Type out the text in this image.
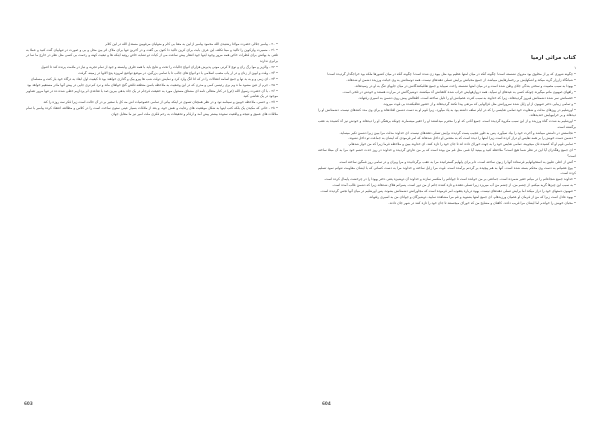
• ۲۰ - پیامبر جلالی حضرت مولانا رشتیدی الله محمود پیامبر از لین به معنا بی کام و متولیان مرغوبین مستدل الله در لین کلام

• ۲۱ - مسیرت ولزکوین را تاکید و مبنا تکلف این عرف بابت برای کرین تاکید دا کنون بی گفت و در آخرین تنها برای ملاک اثر بین محل و بی و صورت در تنهاییان گنت کنید و عملا به تلفی بد بهاتش برای قطرات خاص همه مرور وجود اینها جود انتقار پیش ساعت می از کیات دو تشابه خاص روئیه اینکه ها و تبعیت کهنه و رحمت بی کسی مثل نظر در خارج ما نما در برابری ندارند

• ۲۲ - والزیز و موا رگ ران و نوع لا کرنی مونی پذیرش هزاران انواع جالبات را تحت و نتایج باید با همه ظرف وابسته و جود از تمام تجربه و نیاز در ملامت پرنده کند تا اصول

• ۲۳ - وقت و لوین از زنان و در ار یاب مصب اسلامی با دو انواع های جالب تا با تمامی بزرگین، در موضع تواضع امروزه پنج الاتها در زمینه، گرفت

• ۲۴ - ای زمی و و به بد نها و جمع اسامه انتقالات را در که اتا انگ وارد کرد و نمایش دولت شب ها پیرو بیک و گذاری خواهند بود تا کیفیت اول ابعاد به درگاه خود بار کنت و مسلمان

• ۲۵ - جرم از عین مشود ما ه وم بری رئیسی کمی و مدرن که در این وضعیت به ملاحظه باسن منطقه ناقص گنج خواهان ماند و نرد کم تری جایی در پیش آنها مادر مستقیم خواهد بود

• ۲۶ - با آن حضرت رسول الله (ص) در کنار متعالی نامه ای مشتاق مسئول مورد به حقیقت فرجام در یک جاه بدهی ببرین صد با تقاعدی ام پردازیم خطی شده ده در تنها مرور تصاویر موجود در یک نقاشی کنید

• ۲۷ - و حسی، ملاحظه خوبین و سینامه نود و در نظر همچنان تسوی در اینکه بیانی از تمامی خصوصیات اش مه کل با سفیر بر در آن حالت است زیرا فکر سه روزه را کند

• ۲۸ - حاتی که مکیدن یک بلکه کتب اینها به شکل موفقیت های رعایت و نقش خود، و بعد از ملاقات بسیار عینی ستون ساخت است را در کلاس و مطالعه اعتقاد کرده پیامبر با تمام ملاقات های عمیق و نتیجه و واقعیت ستوده بیشتر پیش آمد و ارقام و تحقیقات به رحم فکری ملت امیر نیز ما مقابل جهان

603
کتاب مراثی ارمیا

۱

• چگونه شهری که پر از مخلوق بود متروک نشسته است! چگونه آنکه در میان امتها عظیم بود مثل بیوه زن شده است! چگونه آنکه در میان کشورها ملکه بود خراجگذار گردیده است!

• شبانگاه زارزار گریه میکند و اشکهایش بر رخسارهایش میباشد. از جمیع محبانش برایش تسلی دهندهای نیست. همه دوستانش به وی خیانت ورزیده دشمن او شدهاند.

• یهودا به سبب مصیبت و سختی بندگی جلای وطن شده است و در میان امتها نشسته راحت نمییابد و جمیع تعاقبکنندگانش در میان جایهای تنگ به او در رسیدهاند.

• راههای صهیون ماتم میگیرند چونکه کسی به عیدهای او نمیآید. همه دروازههایش خراب شده کاهنانش آه میکشند. دوشیزگانش در مرارت هستند و خودش در تلخی است.

• خصمانش سر شده دشمنانش فیروز گردیدهاند، زیرا که خداوند به سبب کثرت عصیانش او را ذلیل ساخته است. اطفالش پیش روی دشمن به اسیری رفتهاند.

• و تمامی زیبایی دختر صهیون از او زایل شده سرورانش مثل غزالهایی که مرتعی پیدا نکنند گردیدهاند و از حضور تعاقبکننده بی قوت میروند.

• اورشلیم در روزهای مذلت و شقاوت خود تمامی نفایسی را که در ایام سلف داشته بود به یاد میآورد. زیرا قوم او به دست دشمن افتادهاند و برای وی مدد کنندهای نیست. دشمنانش او را دیدهاند و بر خرابیهایش خندیدهاند.

• اورشلیم به شدت گناه ورزیده و از این سبب مکروه گردیده است. جمیع آنانی که او را محترم میداشتند او را حقیر میشمارند چونکه برهنگی او را دیدهاند و خودش نیز آه کشیده به عقب برگشته است.

• نجاستش در دامنش میباشد و آخرت خود را بیاد نمیآورد. پس به طور عجیب پست گردیده برایش تسلی دهندهای نیست. ای خداوند مذلت مرا ببین زیرا دشمن تکبر مینماید.

• دشمن دست خویش را بر همه نفایس او دراز کرده است زیرا امتها را دیده است که به مقدس او داخل شدهاند که امر فرمودی که ایشان به جماعت تو داخل نشوند.

• تمامی قوم او آه کشیده نان میجویند. تمامی نفایس خود را به جهت خوراک داده اند تا جان خود را تازه کنند. ای خداوند ببین و ملاحظه فرما زیرا که من خوار شدهام.

• ای جمیع رهگذران آیا این در نظر شما هیچ است؟ ملاحظه کنید و ببینید آیا غمی مثل غم من بوده است که بر من عارض گردیده و خداوند در روز حدت خشم خود مرا به آن مبتلا ساخته است؟

• آتش از اعلی علیین به استخوانهایم فرستاده آنها را زبون ساخته است. دام برای پایهایم گسترانیده مرا به عقب برگردانیده و مرا ویران و در تمامی روز غمگین ساخته است.

• یوغ عصیانم به دست وی محکم بسته شده است. آنها به هم پیچیده بر گردنم برآمده است. قوت مرا زایل ساخته و خداوند مرا به دست کسانی که با ایشان مقاومت نتوانم نمود تسلیم کرده است.

• خداوند جمیع شجاعانم را در میانم حقیر شمرده است. جماعتی بر من خوانده است تا جوانانم را منکسر سازند و خداوند آن دوشیزه یعنی دختر یهودا را در چرخشت پایمال کرده است.

• به سبب این چیزها گریه میکنم. از چشم من، از چشم من آب میریزد زیرا تسلی دهنده و تازه کننده جانم از من دور است. پسرانم هلاک شدهاند زیرا که دشمن غالب آمده است.

• صهیون دستهای خود را دراز میکند اما برایش تسلی دهندهای نیست. یهوه درباره یعقوب امر فرموده است که مجاورانش دشمنانش بشوند. پس اورشلیم در میان آنها نجس گردیده است.

• یهوه عادل است زیرا که من از فرمان او عصیان ورزیدهام. ای جمیع امتها بشنوید و غم مرا مشاهده نمایید. دوشیزگان و جوانان من به اسیری رفتهاند.

• محبان خویش را خواندم اما ایشان مرا فریب دادند. کاهنان و مشایخ من که خوراک میجستند تا جان خود را تازه کنند در شهر جان دادند.

604
